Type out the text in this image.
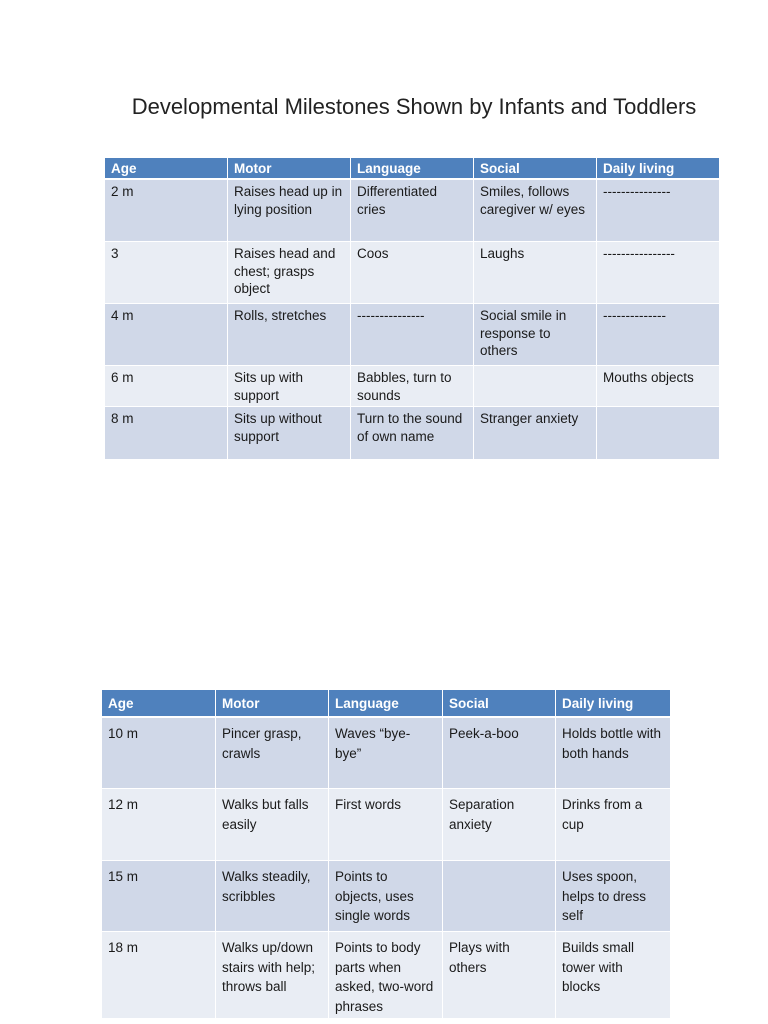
Developmental Milestones Shown by Infants and Toddlers
Age	Motor	Language	Social	Daily living
2 m	Raises head up in lying position	Differentiated cries	Smiles, follows caregiver w/ eyes	---------------
3	Raises head and chest; grasps object	Coos	Laughs	----------------
4 m	Rolls, stretches	---------------	Social smile in response to others	--------------
6 m	Sits up with support	Babbles, turn to sounds		Mouths objects
8 m	Sits up without support	Turn to the sound of own name	Stranger anxiety	
Age	Motor	Language	Social	Daily living
10 m	Pincer grasp, crawls	Waves “bye-bye”	Peek-a-boo	Holds bottle with both hands
12 m	Walks but falls easily	First words	Separation anxiety	Drinks from a cup
15 m	Walks steadily, scribbles	Points to objects, uses single words		Uses spoon, helps to dress self
18 m	Walks up/down stairs with help; throws ball	Points to body parts when asked, two-word phrases	Plays with others	Builds small tower with blocks
